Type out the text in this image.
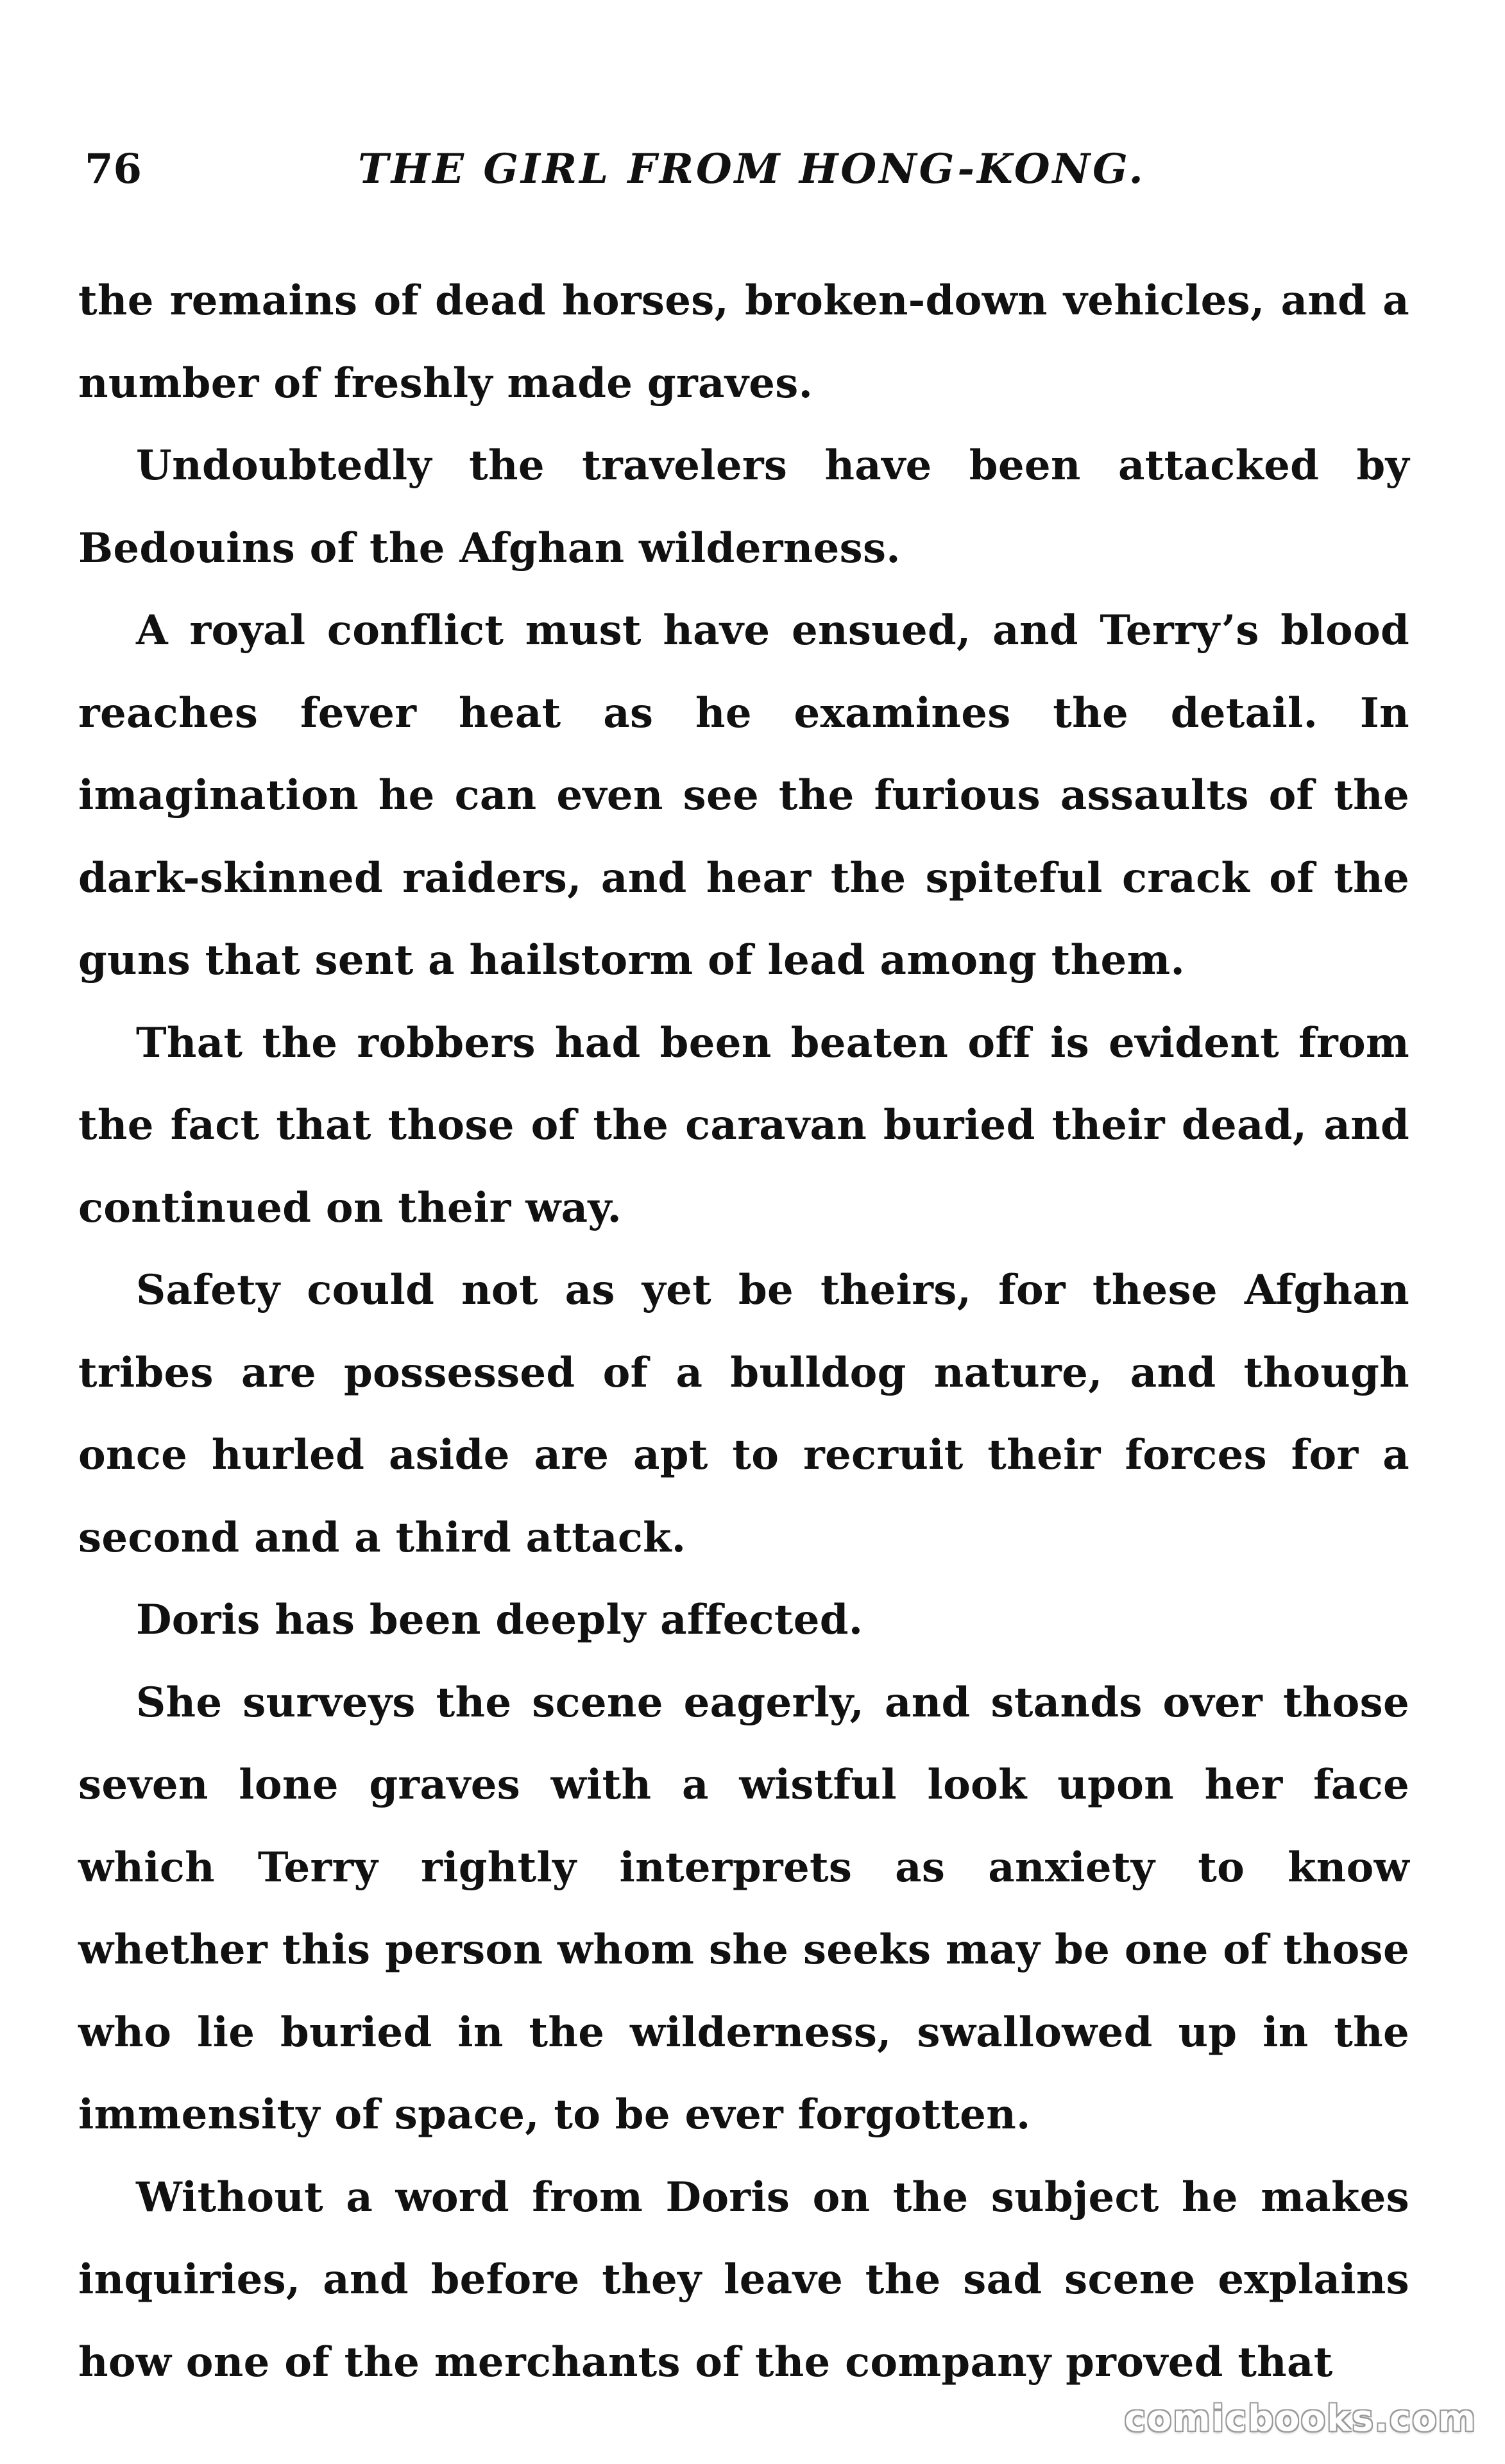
76	THE GIRL FROM HONG-KONG.

the remains of dead horses, broken-down vehicles, and a number of freshly made graves.

Undoubtedly the travelers have been attacked by Bedouins of the Afghan wilderness.

A royal conflict must have ensued, and Terry’s blood reaches fever heat as he examines the detail. In imagination he can even see the furious assaults of the dark-skinned raiders, and hear the spiteful crack of the guns that sent a hailstorm of lead among them.

That the robbers had been beaten off is evident from the fact that those of the caravan buried their dead, and continued on their way.

Safety could not as yet be theirs, for these Afghan tribes are possessed of a bulldog nature, and though once hurled aside are apt to recruit their forces for a second and a third attack.

Doris has been deeply affected.

She surveys the scene eagerly, and stands over those seven lone graves with a wistful look upon her face which Terry rightly interprets as anxiety to know whether this person whom she seeks may be one of those who lie buried in the wilderness, swallowed up in the immensity of space, to be ever forgotten.

Without a word from Doris on the subject he makes inquiries, and before they leave the sad scene explains how one of the merchants of the company proved that

comicbooks.com
